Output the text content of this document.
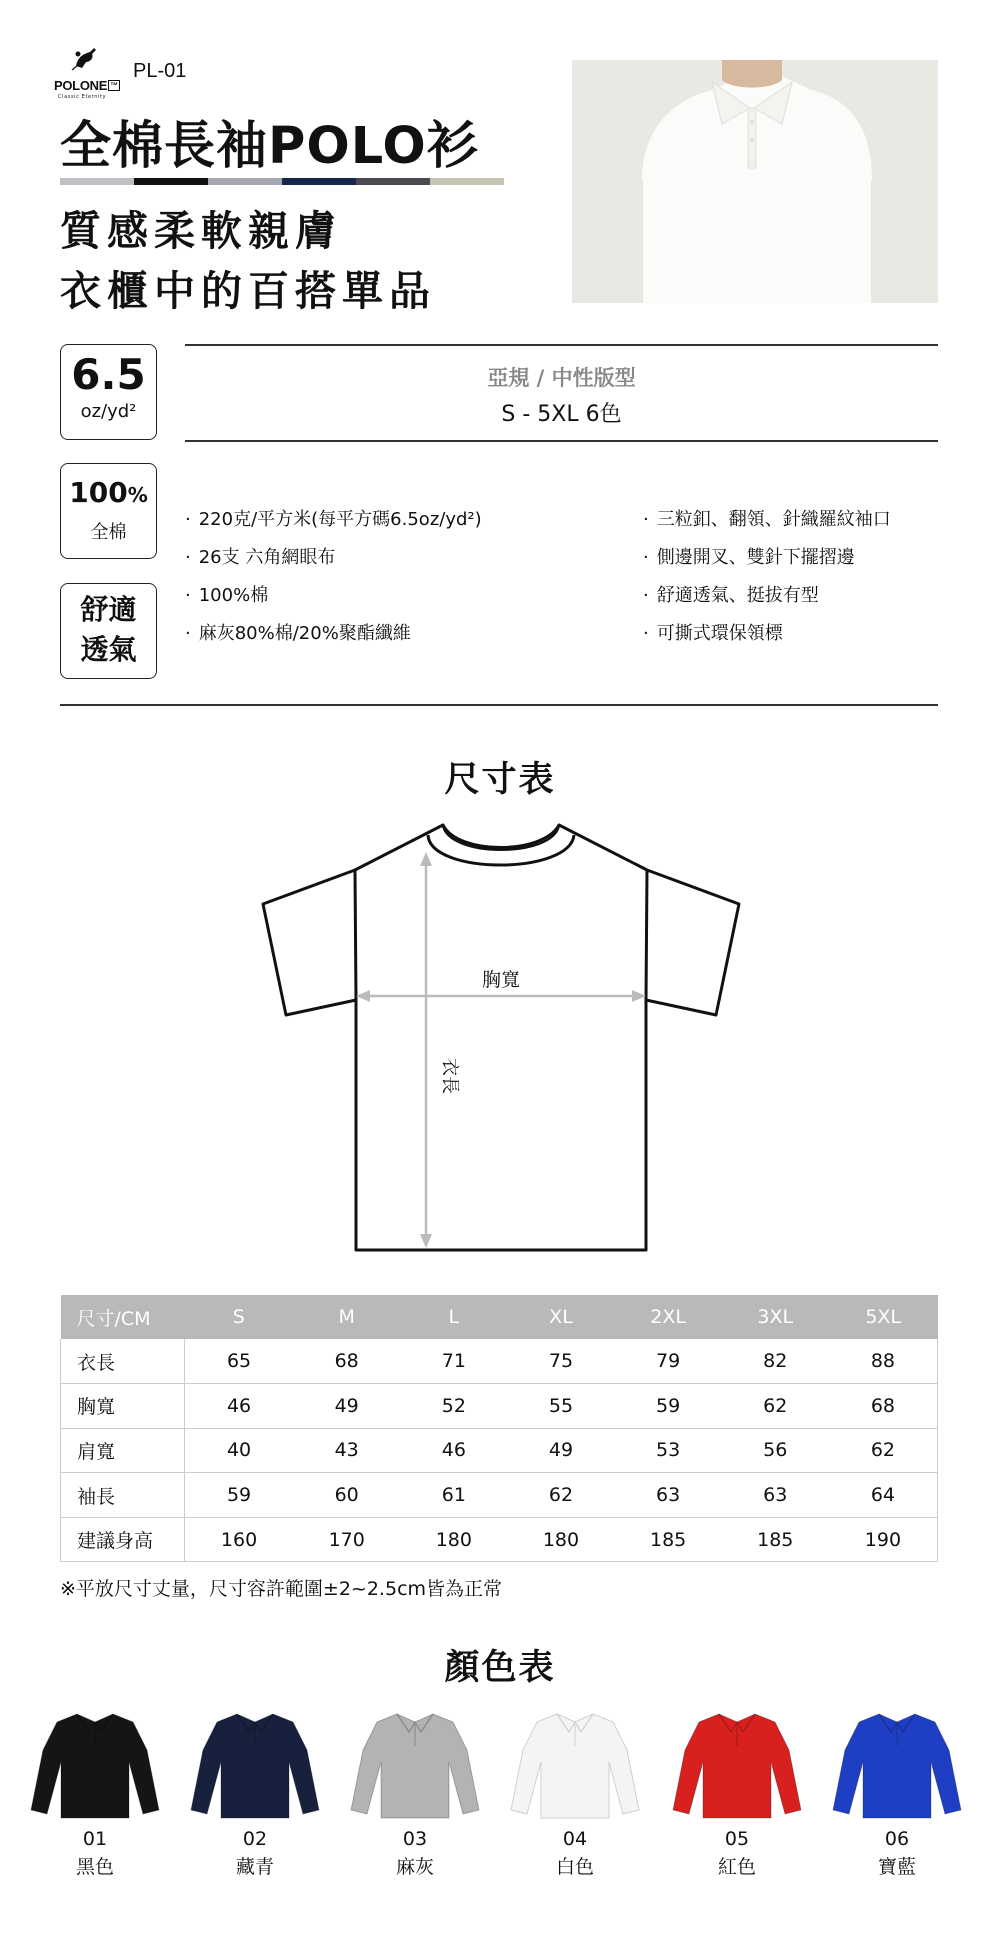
POLONE ™
Classic Eternity
PL-01
全棉長袖POLO衫
質感柔軟親膚
衣櫃中的百搭單品
6.5
oz/yd²
100%
全棉
舒適
透氣
亞規 / 中性版型
S - 5XL 6色
· 220克/平方米(每平方碼6.5oz/yd²)
· 26支 六角網眼布
· 100%棉
· 麻灰80%棉/20%聚酯纖維
· 三粒釦、翻領、針織羅紋袖口
· 側邊開叉、雙針下擺摺邊
· 舒適透氣、挺拔有型
· 可撕式環保領標
尺寸表
胸寬
衣長
尺寸/CM	S	M	L	XL	2XL	3XL	5XL
衣長	65	68	71	75	79	82	88
胸寬	46	49	52	55	59	62	68
肩寬	40	43	46	49	53	56	62
袖長	59	60	61	62	63	63	64
建議身高	160	170	180	180	185	185	190
※平放尺寸丈量，尺寸容許範圍±2~2.5cm皆為正常
顏色表
01
黑色
02
藏青
03
麻灰
04
白色
05
紅色
06
寶藍
